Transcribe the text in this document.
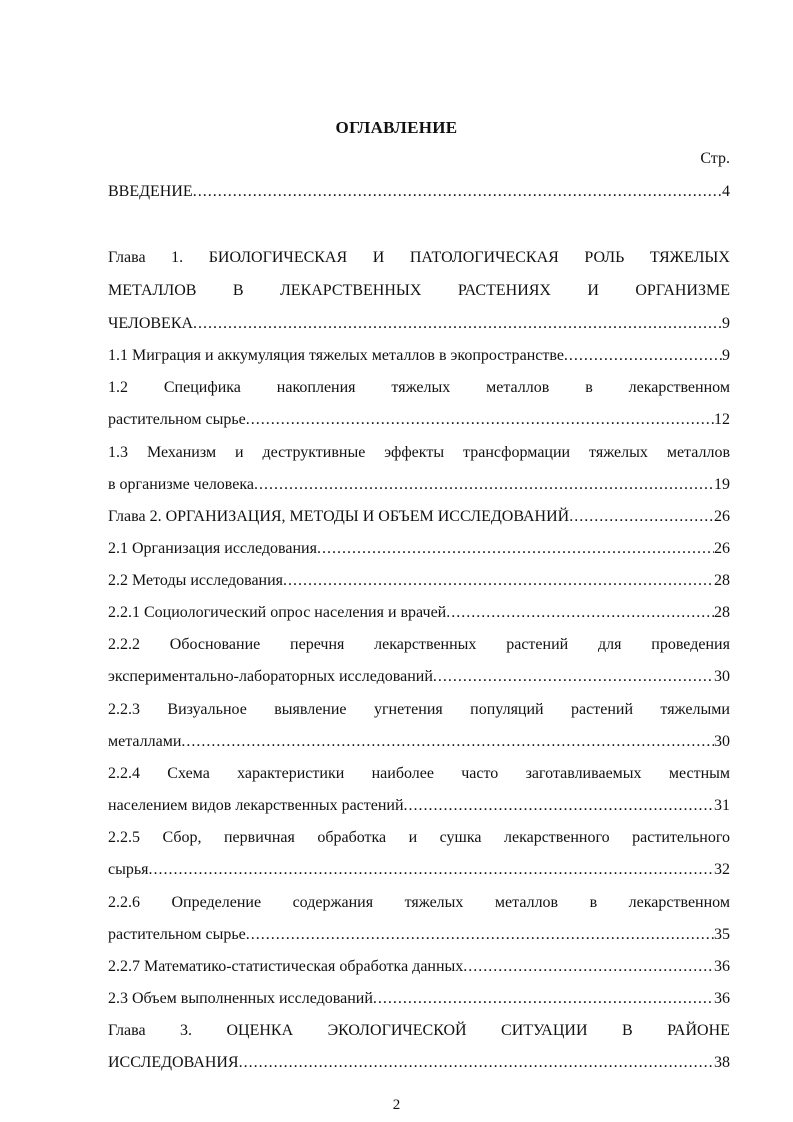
ОГЛАВЛЕНИЕ
Стр.
ВВЕДЕНИЕ . . .	4
Глава 1. БИОЛОГИЧЕСКАЯ И ПАТОЛОГИЧЕСКАЯ РОЛЬ ТЯЖЕЛЫХ
МЕТАЛЛОВ В ЛЕКАРСТВЕННЫХ РАСТЕНИЯХ И ОРГАНИЗМЕ
ЧЕЛОВЕКА . . .	9
1.1 Миграция и аккумуляция тяжелых металлов в экопространстве . . .	9
1.2 Специфика накопления тяжелых металлов в лекарственном
растительном сырье . . .	12
1.3 Механизм и деструктивные эффекты трансформации тяжелых металлов
в организме человека . . .	19
Глава 2. ОРГАНИЗАЦИЯ, МЕТОДЫ И ОБЪЕМ ИССЛЕДОВАНИЙ . . .	26
2.1 Организация исследования . . .	26
2.2 Методы исследования . . .	28
2.2.1 Социологический опрос населения и врачей . . .	28
2.2.2 Обоснование перечня лекарственных растений для проведения
экспериментально-лабораторных исследований . . .	30
2.2.3 Визуальное выявление угнетения популяций растений тяжелыми
металлами . . .	30
2.2.4 Схема характеристики наиболее часто заготавливаемых местным
населением видов лекарственных растений . . .	31
2.2.5 Сбор, первичная обработка и сушка лекарственного растительного
сырья . . .	32
2.2.6 Определение содержания тяжелых металлов в лекарственном
растительном сырье . . .	35
2.2.7 Математико-статистическая обработка данных . . .	36
2.3 Объем выполненных исследований . . .	36
Глава 3. ОЦЕНКА ЭКОЛОГИЧЕСКОЙ СИТУАЦИИ В РАЙОНЕ
ИССЛЕДОВАНИЯ . . .	38
2
